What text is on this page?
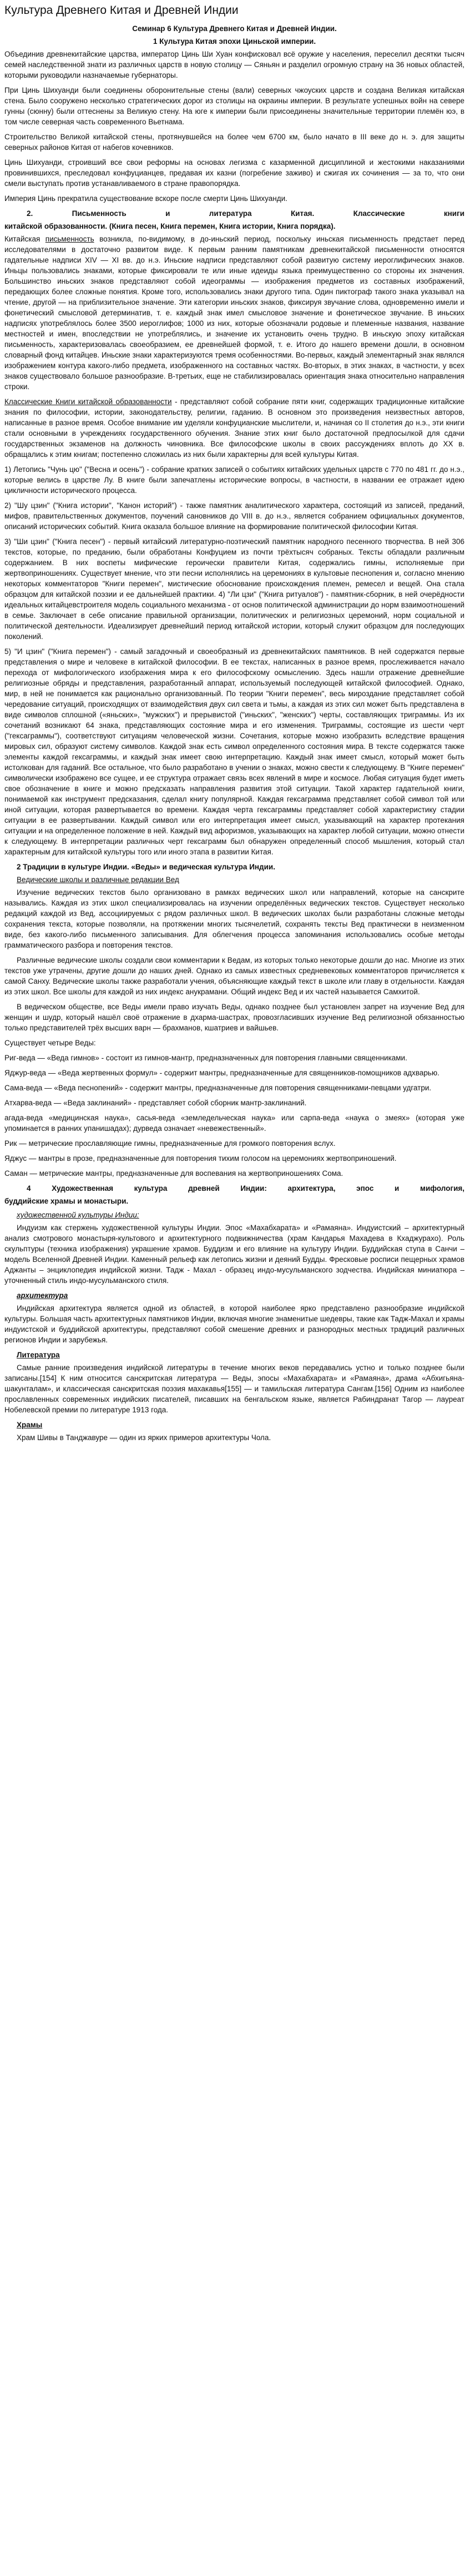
Культура Древнего Китая и Древней Индии
Семинар 6 Культура Древнего Китая и Древней Индии.
1 Культура Китая эпохи Циньской империи.

Объединив древнекитайские царства, император Цинь Ши Хуан конфисковал всё оружие у населения, переселил десятки тысяч семей наследственной знати из различных царств в новую столицу — Сяньян и разделил огромную страну на 36 новых областей, которыми руководили назначаемые губернаторы.

При Цинь Шихуанди были соединены оборонительные стены (вали) северных чжоуских царств и создана Великая китайская стена. Было сооружено несколько стратегических дорог из столицы на окраины империи. В результате успешных войн на севере гунны (сюнну) были оттеснены за Великую стену. На юге к империи были присоединены значительные территории племён юэ, в том числе северная часть современного Вьетнама.

Строительство Великой китайской стены, протянувшейся на более чем 6700 км, было начато в III веке до н. э. для защиты северных районов Китая от набегов кочевников.

Цинь Шихуанди, строивший все свои реформы на основах легизма с казарменной дисциплиной и жестокими наказаниями провинившихся, преследовал конфуцианцев, предавая их казни (погребение заживо) и сжигая их сочинения — за то, что они смели выступать против устанавливаемого в стране правопорядка.

Империя Цинь прекратила существование вскоре после смерти Цинь Шихуанди.

2. Письменность и литература Китая. Классические книги
китайской образованности. (Книга песен, Книга перемен, Книга истории, Книга порядка).

Китайская письменность возникла, по-видимому, в до-иньский период, поскольку иньская письменность предстает перед исследователями в достаточно развитом виде. К первым ранним памятникам древнекитайской письменности относятся гадательные надписи XIV — XI вв. до н.э. Иньские надписи представляют собой развитую систему иероглифических знаков. Иньцы пользовались знаками, которые фиксировали те или иные идеиды языка преимущественно со стороны их значения. Большинство иньских знаков представляют собой идеограммы — изображения предметов из составных изображений, передающих более сложные понятия. Кроме того, использовались знаки другого типа. Один пиктограф такого знака указывал на чтение, другой — на приблизительное значение. Эти категории иньских знаков, фиксируя звучание слова, одновременно имели и фонетический смысловой детерминатив, т. е. каждый знак имел смысловое значение и фонетическое звучание. В иньских надписях употреблялось более 3500 иероглифов; 1000 из них, которые обозначали родовые и племенные названия, название местностей и имен, впоследствии не употреблялись, и значение их установить очень трудно. В иньскую эпоху китайская письменность, характеризовалась своеобразием, ее древнейшей формой, т. е. Итого до нашего времени дошли, в основном словарный фонд китайцев. Иньские знаки характеризуются тремя особенностями. Во-первых, каждый элементарный знак являлся изображением контура какого-либо предмета, изображенного на составных частях. Во-вторых, в этих знаках, в частности, у всех знаков существовало большое разнообразие. В-третьих, еще не стабилизировалась ориентация знака относительно направления строки.

Классические Книги китайской образованности - представляют собой собрание пяти книг, содержащих традиционные китайские знания по философии, истории, законодательству, религии, гаданию. В основном это произведения неизвестных авторов, написанные в разное время. Особое внимание им уделяли конфуцианские мыслители, и, начиная со II столетия до н.э., эти книги стали основными в учреждениях государственного обучения. Знание этих книг было достаточной предпосылкой для сдачи государственных экзаменов на должность чиновника. Все философские школы в своих рассуждениях вплоть до XX в. обращались к этим книгам; постепенно сложилась из них были характерны для всей культуры Китая.

1) Летопись "Чунь цю" ("Весна и осень") - собрание кратких записей о событиях китайских удельных царств с 770 по 481 гг. до н.э., которые велись в царстве Лу. В книге были запечатлены исторические вопросы, в частности, в названии ее отражает идею цикличности исторического процесса.

2) "Шу цзин" ("Книга истории", "Канон историй") - также памятник аналитического характера, состоящий из записей, преданий, мифов, правительственных документов, поучений сановников до VIII в. до н.э., является собранием официальных документов, описаний исторических событий. Книга оказала большое влияние на формирование политической философии Китая.

3) "Ши цзин" ("Книга песен") - первый китайский литературно-поэтический памятник народного песенного творчества. В ней 306 текстов, которые, по преданию, были обработаны Конфуцием из почти трёхтысяч собраных. Тексты обладали различным содержанием. В них воспеты мифические героически правители Китая, содержались гимны, исполняемые при жертвоприношениях. Существует мнение, что эти песни исполнялись на церемониях в культовые песнопения и, согласно мнению некоторых комментаторов "Книги перемен", мистические обоснование происхождения племен, ремесел и вещей. Она стала образцом для китайской поэзии и ее дальнейшей практики. 4) "Ли цзи" ("Книга ритуалов") - памятник-сборник, в ней очерёдности идеальных китайцевстроителя модель социального механизма - от основ политической администрации до норм взаимоотношений в семье. Заключает в себе описание правильной организации, политических и религиозных церемоний, норм социальной и политической деятельности. Идеализирует древнейший период китайской истории, который служит образцом для последующих поколений.

5) "И цзин" ("Книга перемен") - самый загадочный и своеобразный из древнекитайских памятников. В ней содержатся первые представления о мире и человеке в китайской философии. В ее текстах, написанных в разное время, прослеживается начало перехода от мифологического изображения мира к его философскому осмыслению. Здесь нашли отражение древнейшие религиозные обряды и представления, разработанный аппарат, используемый последующей китайской философией. Однако, мир, в ней не понимается как рационально организованный. По теории "Книги перемен", весь мироздание представляет собой чередование ситуаций, происходящих от взаимодействия двух сил света и тьмы, а каждая из этих сил может быть представлена в виде символов сплошной («яньских», "мужских") и прерывистой ("иньских", "женских") черты, составляющих триграммы. Из их сочетаний возникают 64 знака, представляющих состояние мира и его изменения. Триграммы, состоящие из шести черт ("гексаграммы"), соответствуют ситуациям человеческой жизни. Сочетания, которые можно изобразить вследствие вращения мировых сил, образуют систему символов. Каждой знак есть символ определенного состояния мира. В тексте содержатся также элементы каждой гексаграммы, и каждый знак имеет свою интерпретацию. Каждый знак имеет смысл, который может быть истолкован для гаданий. Все остальное, что было разработано в учении о знаках, можно свести к следующему. В "Книге перемен" символически изображено все сущее, и ее структура отражает связь всех явлений в мире и космосе. Любая ситуация будет иметь свое обозначение в книге и можно предсказать направления развития этой ситуации. Такой характер гадательной книги, понимаемой как инструмент предсказания, сделал книгу популярной. Каждая гексаграмма представляет собой символ той или иной ситуации, которая развертывается во времени. Каждая черта гексаграммы представляет собой характеристику стадии ситуации в ее развертывании. Каждый символ или его интерпретация имеет смысл, указывающий на характер протекания ситуации и на определенное положение в ней. Каждый вид афоризмов, указывающих на характер любой ситуации, можно отнести к следующему. В интерпретации различных черт гексаграмм был обнаружен определенный способ мышления, который стал характерным для китайской культуры того или иного этапа в развитии Китая.

2 Традиции в культуре Индии. «Веды» и ведическая культура Индии.
Ведические школы и различные редакции Вед

Изучение ведических текстов было организовано в рамках ведических школ или направлений, которые на санскрите назывались. Каждая из этих школ специализировалась на изучении определённых ведических текстов. Существует несколько редакций каждой из Вед, ассоциируемых с рядом различных школ. В ведических школах были разработаны сложные методы сохранения текста, которые позволяли, на протяжении многих тысячелетий, сохранять тексты Вед практически в неизменном виде, без какого-либо письменного записывания. Для облегчения процесса запоминания использовались особые методы грамматического разбора и повторения текстов.

Различные ведические школы создали свои комментарии к Ведам, из которых только некоторые дошли до нас. Многие из этих текстов уже утрачены, другие дошли до наших дней. Однако из самых известных средневековых комментаторов причисляется к самой Санху. Ведические школы также разработали учения, объясняющие каждый текст в школе или главу в отдельности. Каждая из этих школ. Все школы для каждой из них индекс анукрамани. Общий индекс Вед и их частей называется Самхитой.

В ведическом обществе, все Веды имели право изучать Веды, однако позднее был установлен запрет на изучение Вед для женщин и шудр, который нашёл своё отражение в дхарма-шастрах, провозгласивших изучение Вед религиозной обязанностью только представителей трёх высших варн — брахманов, кшатриев и вайшьев.

Существует четыре Веды:

Риг-веда — «Веда гимнов» - состоит из гимнов-мантр, предназначенных для повторения главными священниками.

Яджур-веда — «Веда жертвенных формул» - содержит мантры, предназначенные для священников-помощников адхварью.

Сама-веда — «Веда песнопений» - содержит мантры, предназначенные для повторения священниками-певцами удгатри.

Атхарва-веда — «Веда заклинаний» - представляет собой сборник мантр-заклинаний.

агада-веда «медицинская наука», сасья-веда «земледельческая наука» или сарпа-веда «наука о змеях» (которая уже упоминается в ранних упанишадах); дурведа означает «невежественный».

Рик — метрические прославляющие гимны, предназначенные для громкого повторения вслух.

Яджус — мантры в прозе, предназначенные для повторения тихим голосом на церемониях жертвоприношений.

Саман — метрические мантры, предназначенные для воспевания на жертвоприношениях Сома.

4 Художественная культура древней Индии: архитектура, эпос и мифология,
буддийские храмы и монастыри.
художественной культуры Индии:

Индуизм как стержень художественной культуры Индии. Эпос «Махабхарата» и «Рамаяна». Индуистский – архитектурный анализ смотрового монастыря-культового и архитектурного подвижничества (храм Кандарья Махадева в Кхаджурахо). Роль скульптуры (техника изображения) украшение храмов. Буддизм и его влияние на культуру Индии. Буддийская ступа в Санчи – модель Вселенной Древней Индии. Каменный рельеф как летопись жизни и деяний Будды. Фресковые росписи пещерных храмов Аджанты – энциклопедия индийской жизни. Тадж - Махал - образец индо-мусульманского зодчества. Индийская миниатюра – уточненный стиль индо-мусульманского стиля.

архитектура

Индийская архитектура является одной из областей, в которой наиболее ярко представлено разнообразие индийской культуры. Большая часть архитектурных памятников Индии, включая многие знаменитые шедевры, такие как Тадж-Махал и храмы индуистской и буддийской архитектуры, представляют собой смешение древних и разнородных местных традиций различных регионов Индии и зарубежья.

Литература

Самые ранние произведения индийской литературы в течение многих веков передавались устно и только позднее были записаны.[154] К ним относится санскритская литература — Веды, эпосы «Махабхарата» и «Рамаяна», драма «Абхигьяна-шакунталам», и классическая санскритская поэзия махакавья[155] — и тамильская литература Сангам.[156] Одним из наиболее прославленных современных индийских писателей, писавших на бенгальском языке, является Рабиндранат Тагор — лауреат Нобелевской премии по литературе 1913 года.

Храмы

Храм Шивы в Танджавуре — один из ярких примеров архитектуры Чола.
